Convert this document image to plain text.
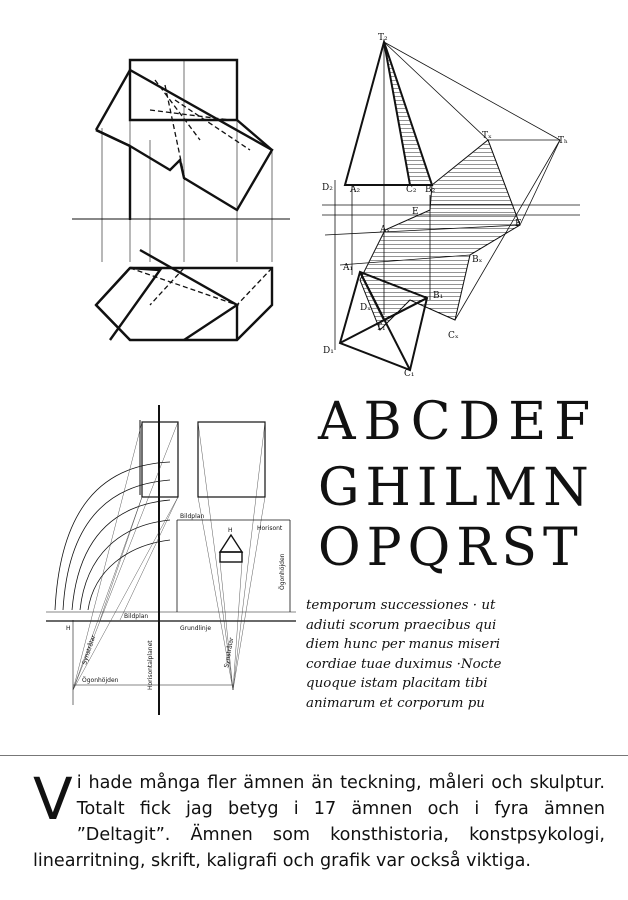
T₂
Tₓ	Tₕ
D₂ A₂	C₂ B₂
E
F
Aₓ
Bₓ
A₁
B₁
Dₓ
T₁
Cₓ
D₁
C₁
Bildplan
H	Horisont
H
Bildplan
Grundlinje
Ögonhöjden
Ögonhöjden
Synstrålar	Synstrålar
Horisontalplanet
ABCDEF
GHILMN
OPQRST
temporum successiones · ut
adiuti scorum praecibus qui
diem hunc per manus miseri
cordiae tuae duximus ·Nocte
quoque istam placitam tibi
animarum et corporum pu
Vi hade många fler ämnen än teckning, måleri och skulptur. Totalt fick jag betyg i 17 ämnen och i fyra ämnen ”Deltagit”. Ämnen som konsthistoria, konstpsykologi, linearritning, skrift, kaligrafi och grafik var också viktiga.
